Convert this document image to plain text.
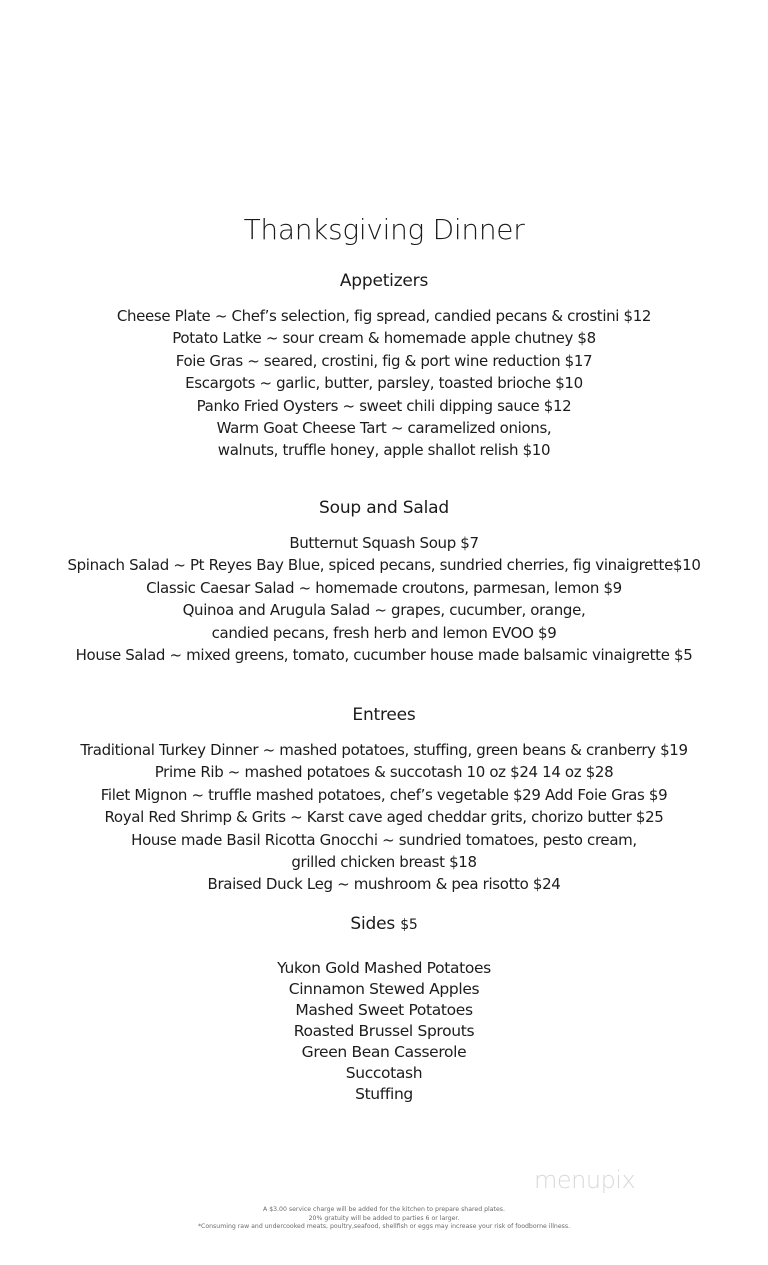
Thanksgiving Dinner
Appetizers
Cheese Plate ~ Chef’s selection, fig spread, candied pecans & crostini $12
Potato Latke ~ sour cream & homemade apple chutney $8
Foie Gras ~ seared, crostini, fig & port wine reduction $17
Escargots ~ garlic, butter, parsley, toasted brioche $10
Panko Fried Oysters ~ sweet chili dipping sauce $12
Warm Goat Cheese Tart ~ caramelized onions,
walnuts, truffle honey, apple shallot relish $10
Soup and Salad
Butternut Squash Soup $7
Spinach Salad ~ Pt Reyes Bay Blue, spiced pecans, sundried cherries, fig vinaigrette$10
Classic Caesar Salad ~ homemade croutons, parmesan, lemon $9
Quinoa and Arugula Salad ~ grapes, cucumber, orange,
candied pecans, fresh herb and lemon EVOO $9
House Salad ~ mixed greens, tomato, cucumber house made balsamic vinaigrette $5
Entrees
Traditional Turkey Dinner ~ mashed potatoes, stuffing, green beans & cranberry $19
Prime Rib ~ mashed potatoes & succotash 10 oz $24 14 oz $28
Filet Mignon ~ truffle mashed potatoes, chef’s vegetable $29 Add Foie Gras $9
Royal Red Shrimp & Grits ~ Karst cave aged cheddar grits, chorizo butter $25
House made Basil Ricotta Gnocchi ~ sundried tomatoes, pesto cream,
grilled chicken breast $18
Braised Duck Leg ~ mushroom & pea risotto $24
Sides $5
Yukon Gold Mashed Potatoes
Cinnamon Stewed Apples
Mashed Sweet Potatoes
Roasted Brussel Sprouts
Green Bean Casserole
Succotash
Stuffing
menupix
A $3.00 service charge will be added for the kitchen to prepare shared plates.
20% gratuity will be added to parties 6 or larger.
*Consuming raw and undercooked meats, poultry,seafood, shellfish or eggs may increase your risk of foodborne illness.
